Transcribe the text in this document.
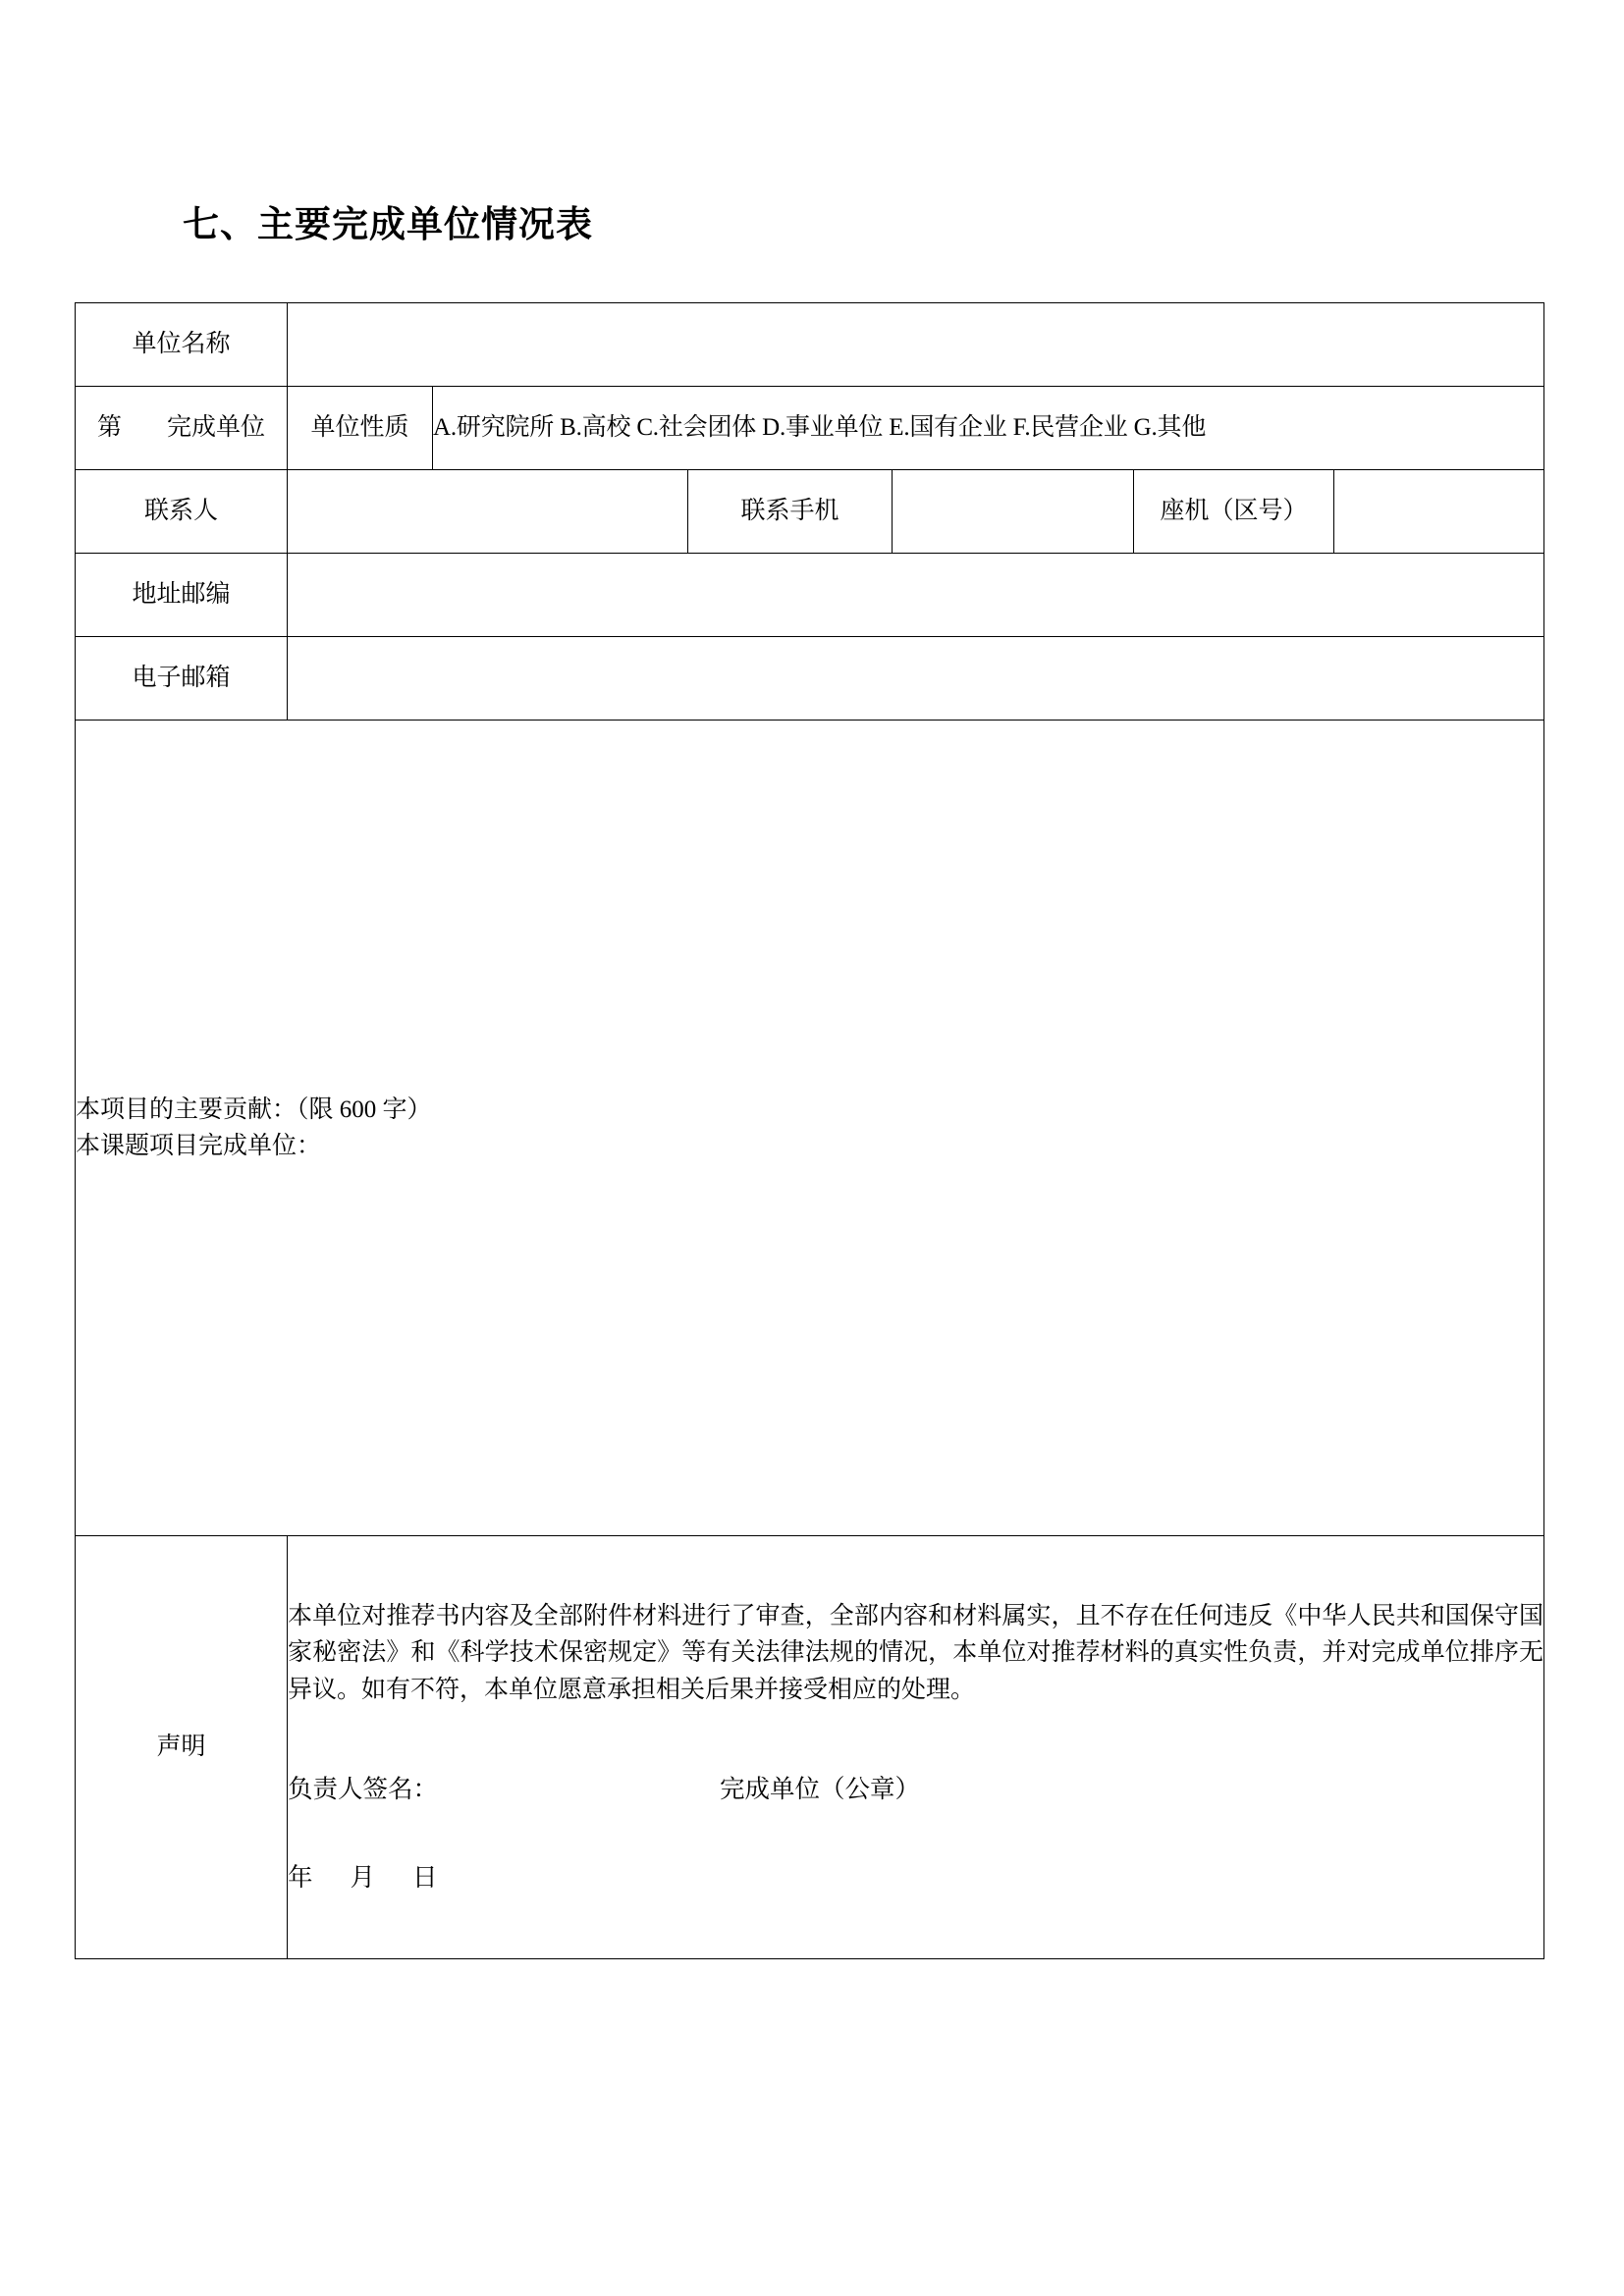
七、主要完成单位情况表
单位名称						
第 完成单位	单位性质	A.研究院所 B.高校 C.社会团体 D.事业单位 E.国有企业 F.民营企业 G.其他				
联系人			联系手机		座机（区号）	
地址邮编						
电子邮箱						

本项目的主要贡献：（限 600 字）
本课题项目完成单位：						

声明	本单位对推荐书内容及全部附件材料进行了审查，全部内容和材料属实，且不存在任何违反《中华人民共和国保守国家秘密法》和《科学技术保密规定》等有关法律法规的情况，本单位对推荐材料的真实性负责，并对完成单位排序无异议。如有不符，本单位愿意承担相关后果并接受相应的处理。
负责人签名： 完成单位（公章）
年 月 日					
